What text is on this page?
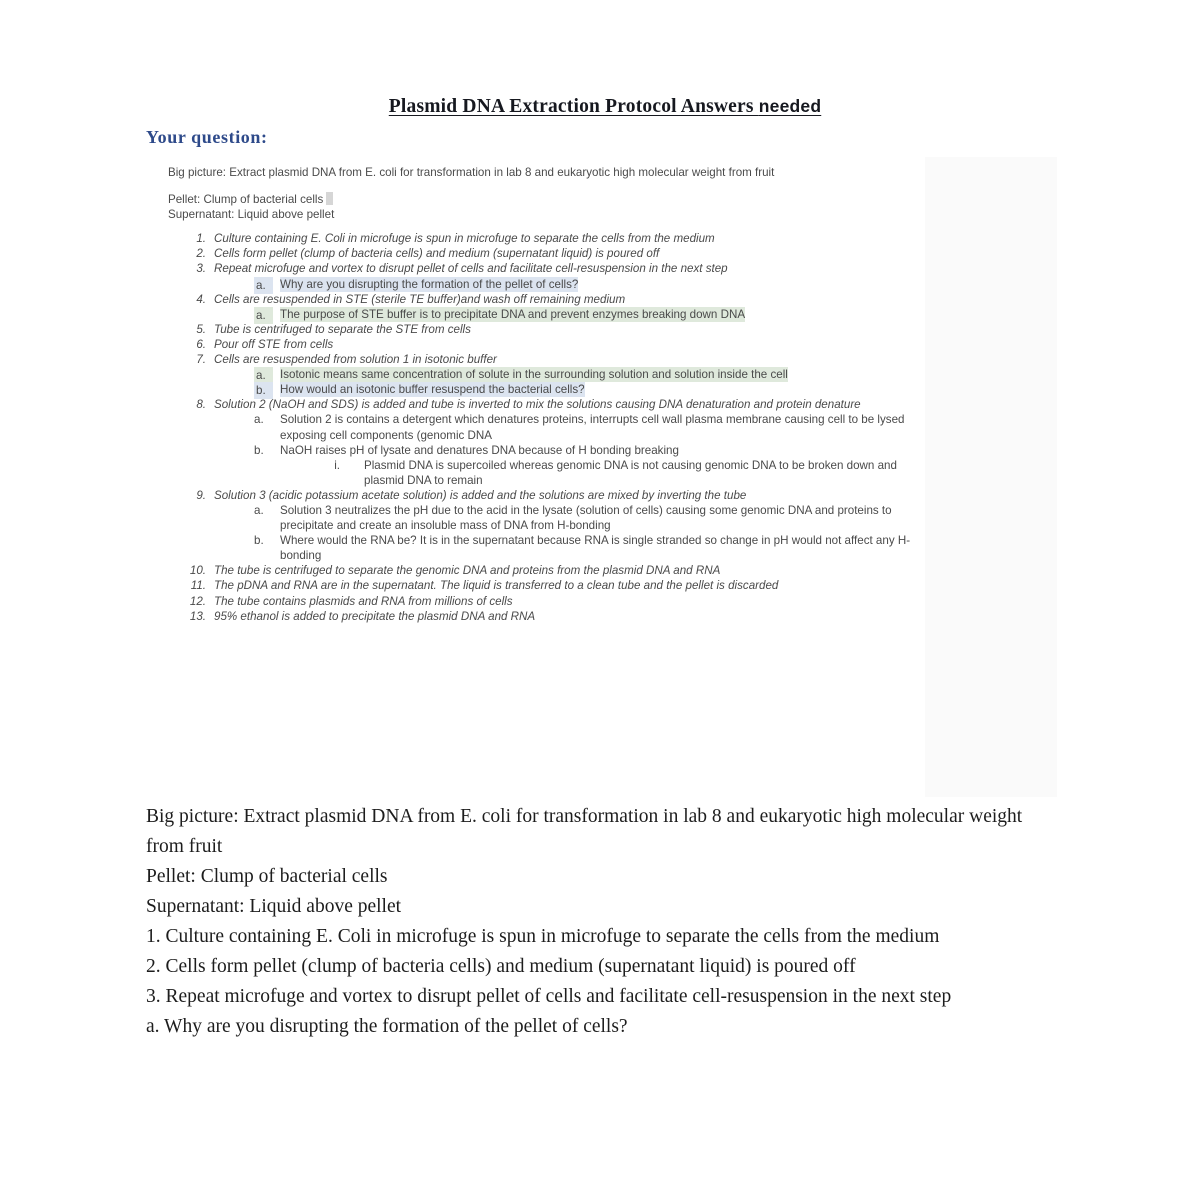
Plasmid DNA Extraction Protocol Answers needed
Your question:
Big picture: Extract plasmid DNA from E. coli for transformation in lab 8 and eukaryotic high molecular weight from fruit
Pellet: Clump of bacterial cells
Supernatant: Liquid above pellet
1. Culture containing E. Coli in microfuge is spun in microfuge to separate the cells from the medium
2. Cells form pellet (clump of bacteria cells) and medium (supernatant liquid) is poured off
3. Repeat microfuge and vortex to disrupt pellet of cells and facilitate cell-resuspension in the next step
a.	Why are you disrupting the formation of the pellet of cells?
4. Cells are resuspended in STE (sterile TE buffer)and wash off remaining medium
a.	The purpose of STE buffer is to precipitate DNA and prevent enzymes breaking down DNA
5. Tube is centrifuged to separate the STE from cells
6. Pour off STE from cells
7. Cells are resuspended from solution 1 in isotonic buffer
a.	Isotonic means same concentration of solute in the surrounding solution and solution inside the cell
b.	How would an isotonic buffer resuspend the bacterial cells?
8. Solution 2 (NaOH and SDS) is added and tube is inverted to mix the solutions causing DNA denaturation and protein denature
a.	Solution 2 is contains a detergent which denatures proteins, interrupts cell wall plasma membrane causing cell to be lysed exposing cell components (genomic DNA
b.	NaOH raises pH of lysate and denatures DNA because of H bonding breaking
i. Plasmid DNA is supercoiled whereas genomic DNA is not causing genomic DNA to be broken down and plasmid DNA to remain
9. Solution 3 (acidic potassium acetate solution) is added and the solutions are mixed by inverting the tube
a.	Solution 3 neutralizes the pH due to the acid in the lysate (solution of cells) causing some genomic DNA and proteins to precipitate and create an insoluble mass of DNA from H-bonding
b.	Where would the RNA be? It is in the supernatant because RNA is single stranded so change in pH would not affect any H-bonding
10. The tube is centrifuged to separate the genomic DNA and proteins from the plasmid DNA and RNA
11. The pDNA and RNA are in the supernatant. The liquid is transferred to a clean tube and the pellet is discarded
12. The tube contains plasmids and RNA from millions of cells
13. 95% ethanol is added to precipitate the plasmid DNA and RNA

Big picture: Extract plasmid DNA from E. coli for transformation in lab 8 and eukaryotic high molecular weight from fruit

Pellet: Clump of bacterial cells

Supernatant: Liquid above pellet

1. Culture containing E. Coli in microfuge is spun in microfuge to separate the cells from the medium

2. Cells form pellet (clump of bacteria cells) and medium (supernatant liquid) is poured off

3. Repeat microfuge and vortex to disrupt pellet of cells and facilitate cell-resuspension in the next step

a. Why are you disrupting the formation of the pellet of cells?
